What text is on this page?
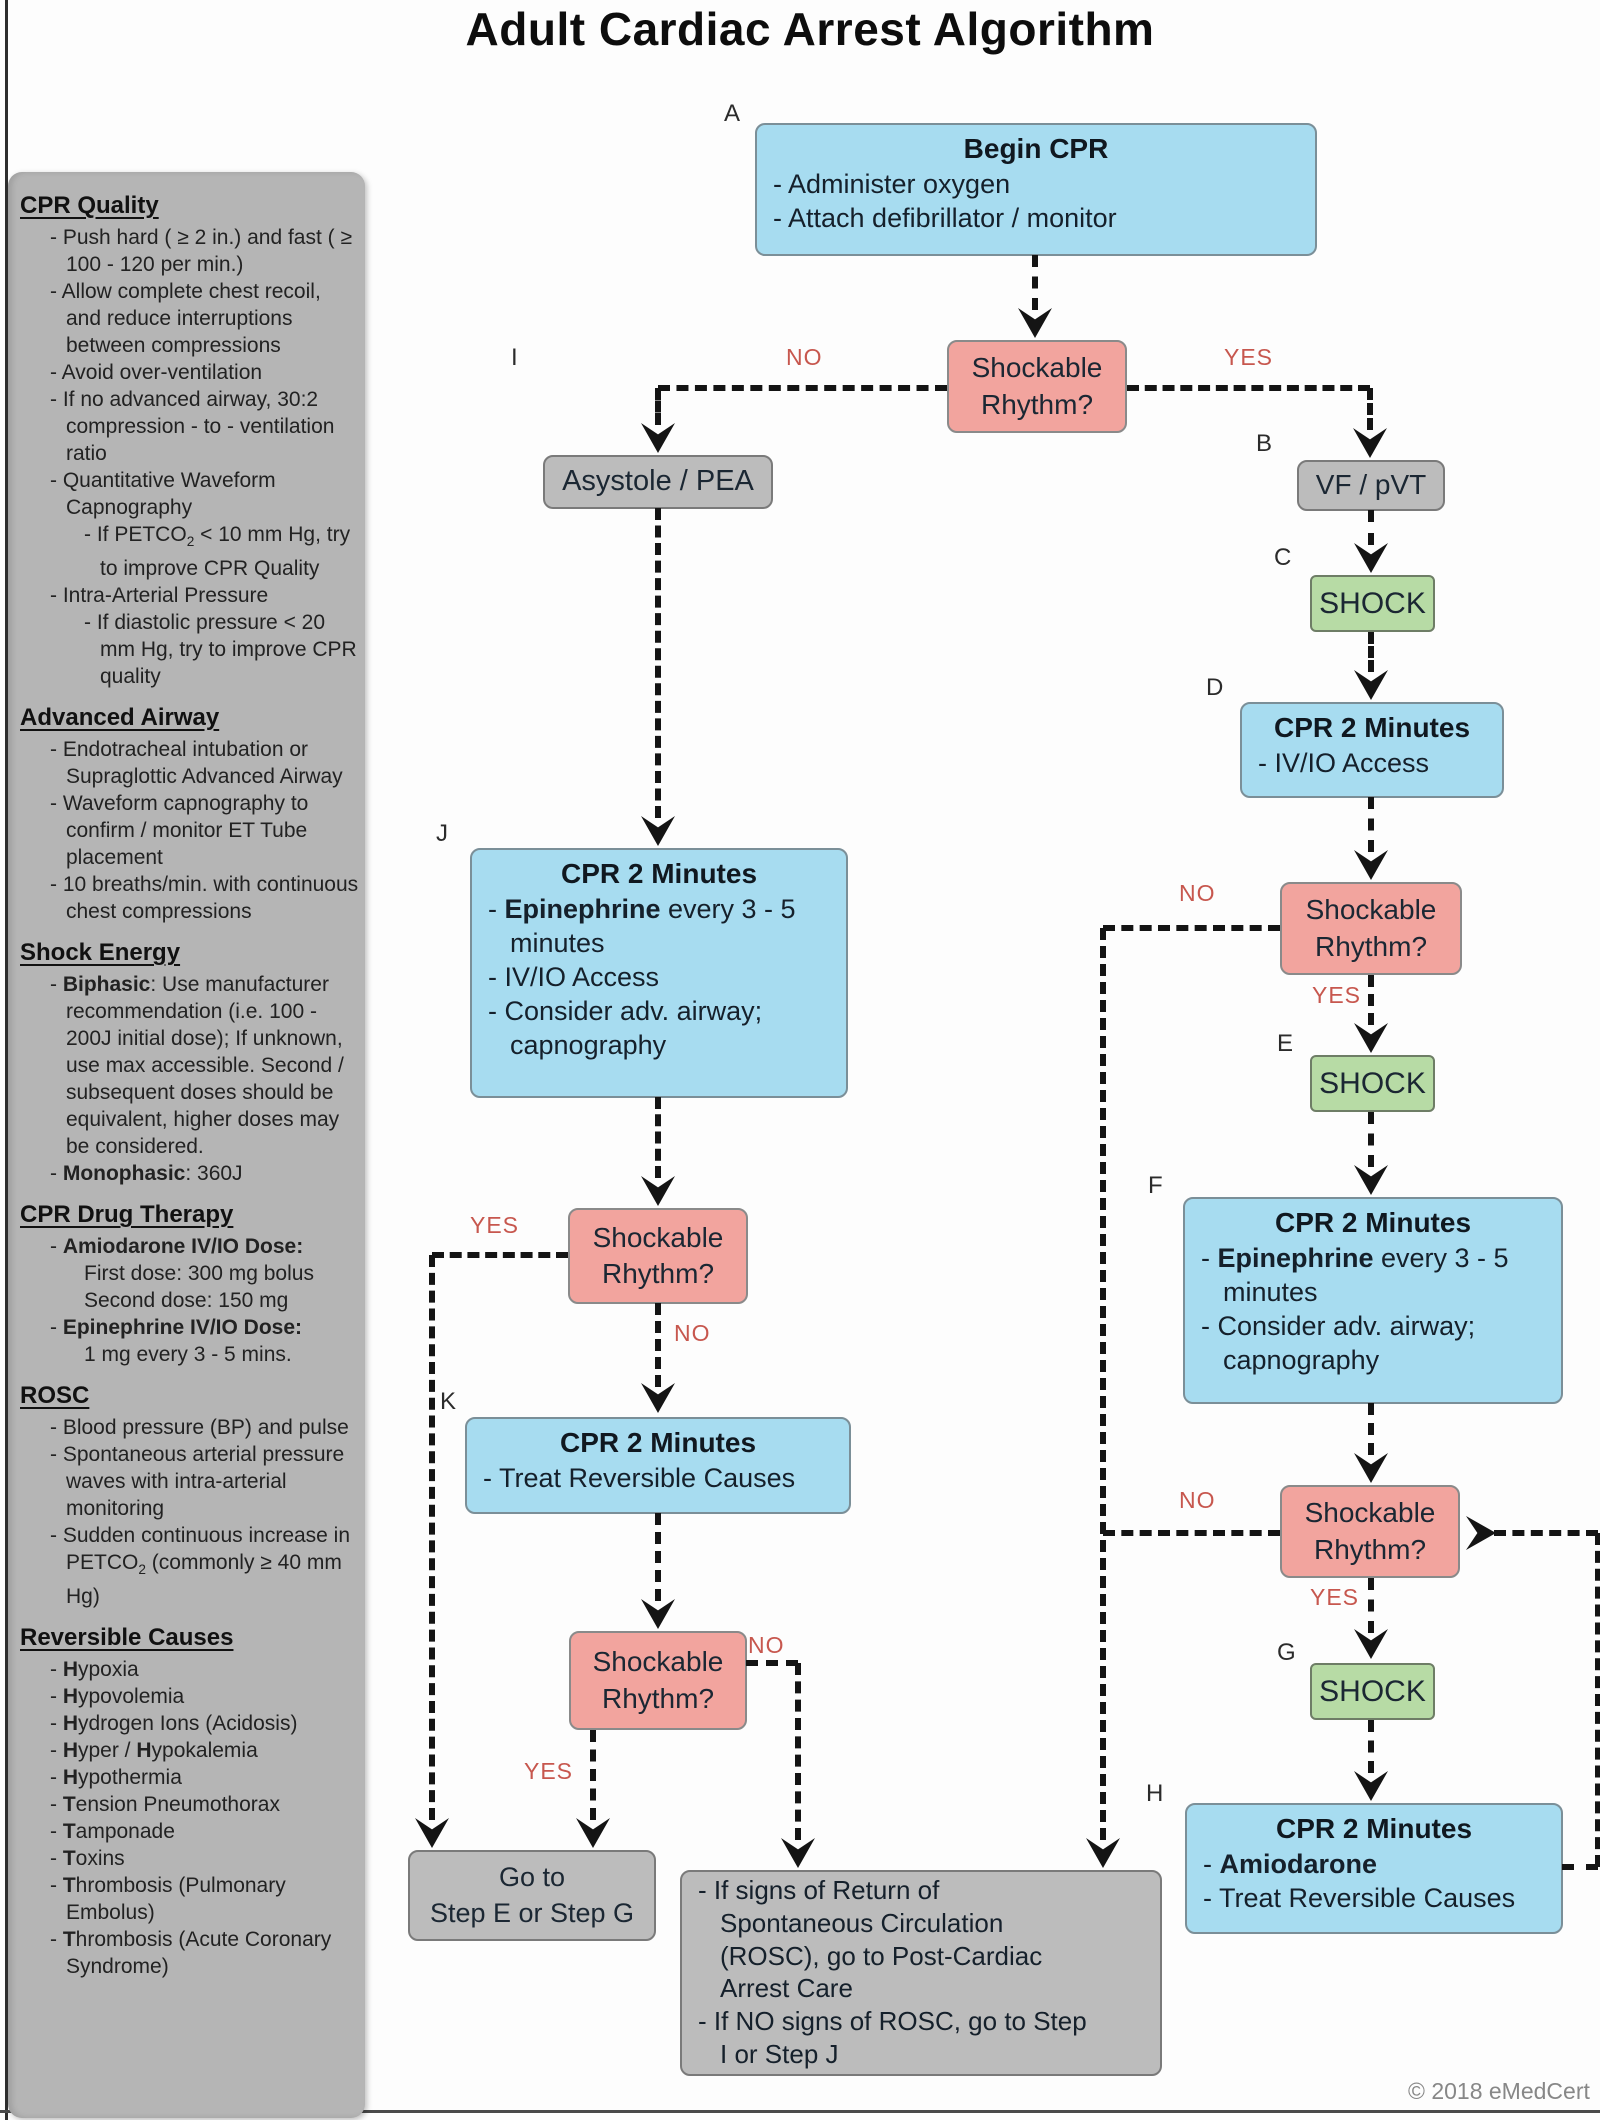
Adult Cardiac Arrest Algorithm
CPR Quality
- Push hard ( ≥ 2 in.) and fast ( ≥ 100 - 120 per min.)
- Allow complete chest recoil, and reduce interruptions between compressions
- Avoid over-ventilation
- If no advanced airway, 30:2 compression - to - ventilation ratio
- Quantitative Waveform Capnography
- If $PETCO_2 < 10$ mm Hg, try to improve CPR Quality
- Intra-Arterial Pressure
- If diastolic pressure < 20 mm Hg, try to improve CPR quality
Advanced Airway
- Endotracheal intubation or Supraglottic Advanced Airway
- Waveform capnography to confirm / monitor ET Tube placement
- 10 breaths/min. with continuous chest compressions
Shock Energy
- Biphasic: Use manufacturer recommendation (i.e. 100 - 200J initial dose); If unknown, use max accessible. Second / subsequent doses should be equivalent, higher doses may be considered.
- Monophasic: 360J
CPR Drug Therapy
- Amiodarone IV/IO Dose:
First dose: 300 mg bolus
Second dose: 150 mg
- Epinephrine IV/IO Dose:
1 mg every 3 - 5 mins.
ROSC
- Blood pressure (BP) and pulse
- Spontaneous arterial pressure waves with intra-arterial monitoring
- Sudden continuous increase in $PETCO_2$ (commonly ≥ 40 mm Hg)
Reversible Causes
- Hypoxia
- Hypovolemia
- Hydrogen Ions (Acidosis)
- Hyper / Hypokalemia
- Hypothermia
- Tension Pneumothorax
- Tamponade
- Toxins
- Thrombosis (Pulmonary Embolus)
- Thrombosis (Acute Coronary Syndrome)
Begin CPR
- Administer oxygen
- Attach defibrillator / monitor
Shockable
Rhythm?
Asystole / PEA	VF / pVT
SHOCK
CPR 2 Minutes
- IV/IO Access
Shockable
Rhythm?
SHOCK
CPR 2 Minutes
- Epinephrine every 3 - 5
minutes
- Consider adv. airway;
capnography
Shockable
Rhythm?
SHOCK
CPR 2 Minutes
- Amiodarone
- Treat Reversible Causes
CPR 2 Minutes
- Epinephrine every 3 - 5
minutes
- IV/IO Access
- Consider adv. airway;
capnography
Shockable
Rhythm?
CPR 2 Minutes
- Treat Reversible Causes
Shockable
Rhythm?
Go to
Step E or Step G
- If signs of Return of
Spontaneous Circulation
(ROSC), go to Post-Cardiac
Arrest Care
- If NO signs of ROSC, go to Step
I or Step J
A
B
C
D
E
F
G
H
I
J
K
NO	YES
NO
YES
NO
YES
YES
NO
NO
YES
© 2018 eMedCert
